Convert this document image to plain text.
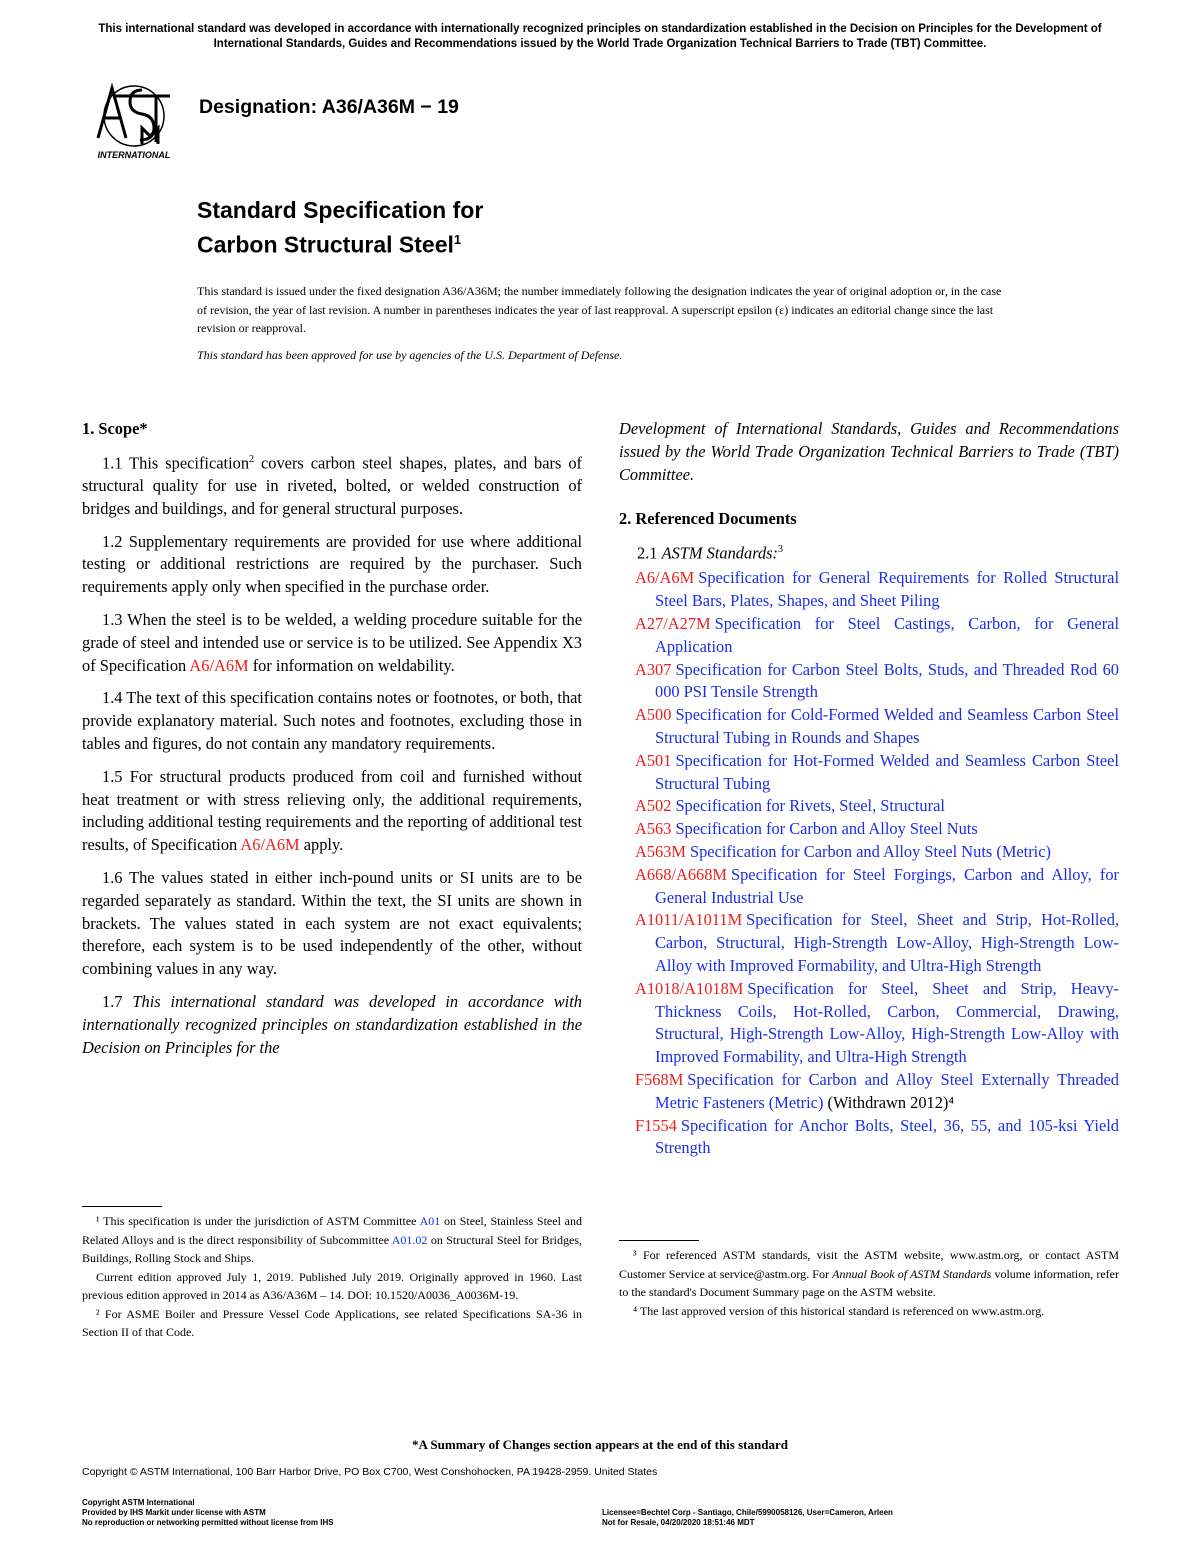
This international standard was developed in accordance with internationally recognized principles on standardization established in the Decision on Principles for the Development of International Standards, Guides and Recommendations issued by the World Trade Organization Technical Barriers to Trade (TBT) Committee.
INTERNATIONAL
Designation: A36/A36M − 19
Standard Specification for
Carbon Structural Steel$^1$
This standard is issued under the fixed designation A36/A36M; the number immediately following the designation indicates the year of original adoption or, in the case of revision, the year of last revision. A number in parentheses indicates the year of last reapproval. A superscript epsilon (ε) indicates an editorial change since the last revision or reapproval.
This standard has been approved for use by agencies of the U.S. Department of Defense.
1. Scope*

1.1 This specification$^2$ covers carbon steel shapes, plates, and bars of structural quality for use in riveted, bolted, or welded construction of bridges and buildings, and for general structural purposes.

1.2 Supplementary requirements are provided for use where additional testing or additional restrictions are required by the purchaser. Such requirements apply only when specified in the purchase order.

1.3 When the steel is to be welded, a welding procedure suitable for the grade of steel and intended use or service is to be utilized. See Appendix X3 of Specification A6/A6M for information on weldability.

1.4 The text of this specification contains notes or footnotes, or both, that provide explanatory material. Such notes and footnotes, excluding those in tables and figures, do not contain any mandatory requirements.

1.5 For structural products produced from coil and furnished without heat treatment or with stress relieving only, the additional requirements, including additional testing requirements and the reporting of additional test results, of Specification A6/A6M apply.

1.6 The values stated in either inch-pound units or SI units are to be regarded separately as standard. Within the text, the SI units are shown in brackets. The values stated in each system are not exact equivalents; therefore, each system is to be used independently of the other, without combining values in any way.

1.7 This international standard was developed in accordance with internationally recognized principles on standardization established in the Decision on Principles for the

Development of International Standards, Guides and Recommendations issued by the World Trade Organization Technical Barriers to Trade (TBT) Committee.

2. Referenced Documents
2.1 ASTM Standards:$^3$

A6/A6M Specification for General Requirements for Rolled Structural Steel Bars, Plates, Shapes, and Sheet Piling

A27/A27M Specification for Steel Castings, Carbon, for General Application

A307 Specification for Carbon Steel Bolts, Studs, and Threaded Rod 60 000 PSI Tensile Strength

A500 Specification for Cold-Formed Welded and Seamless Carbon Steel Structural Tubing in Rounds and Shapes

A501 Specification for Hot-Formed Welded and Seamless Carbon Steel Structural Tubing

A502 Specification for Rivets, Steel, Structural

A563 Specification for Carbon and Alloy Steel Nuts

A563M Specification for Carbon and Alloy Steel Nuts (Metric)

A668/A668M Specification for Steel Forgings, Carbon and Alloy, for General Industrial Use

A1011/A1011M Specification for Steel, Sheet and Strip, Hot-Rolled, Carbon, Structural, High-Strength Low-Alloy, High-Strength Low-Alloy with Improved Formability, and Ultra-High Strength

A1018/A1018M Specification for Steel, Sheet and Strip, Heavy-Thickness Coils, Hot-Rolled, Carbon, Commercial, Drawing, Structural, High-Strength Low-Alloy, High-Strength Low-Alloy with Improved Formability, and Ultra-High Strength

F568M Specification for Carbon and Alloy Steel Externally Threaded Metric Fasteners (Metric) (Withdrawn 2012)⁴

F1554 Specification for Anchor Bolts, Steel, 36, 55, and 105-ksi Yield Strength

¹ This specification is under the jurisdiction of ASTM Committee A01 on Steel, Stainless Steel and Related Alloys and is the direct responsibility of Subcommittee A01.02 on Structural Steel for Bridges, Buildings, Rolling Stock and Ships.

Current edition approved July 1, 2019. Published July 2019. Originally approved in 1960. Last previous edition approved in 2014 as A36/A36M – 14. DOI: 10.1520/A0036_A0036M-19.

² For ASME Boiler and Pressure Vessel Code Applications, see related Specifications SA-36 in Section II of that Code.

³ For referenced ASTM standards, visit the ASTM website, www.astm.org, or contact ASTM Customer Service at service@astm.org. For Annual Book of ASTM Standards volume information, refer to the standard's Document Summary page on the ASTM website.

⁴ The last approved version of this historical standard is referenced on www.astm.org.

*A Summary of Changes section appears at the end of this standard
Copyright © ASTM International, 100 Barr Harbor Drive, PO Box C700, West Conshohocken, PA 19428-2959. United States
Copyright ASTM International
Provided by IHS Markit under license with ASTM
No reproduction or networking permitted without license from IHS
Licensee=Bechtel Corp - Santiago, Chile/5990058126, User=Cameron, Arleen
Not for Resale, 04/20/2020 18:51:46 MDT
